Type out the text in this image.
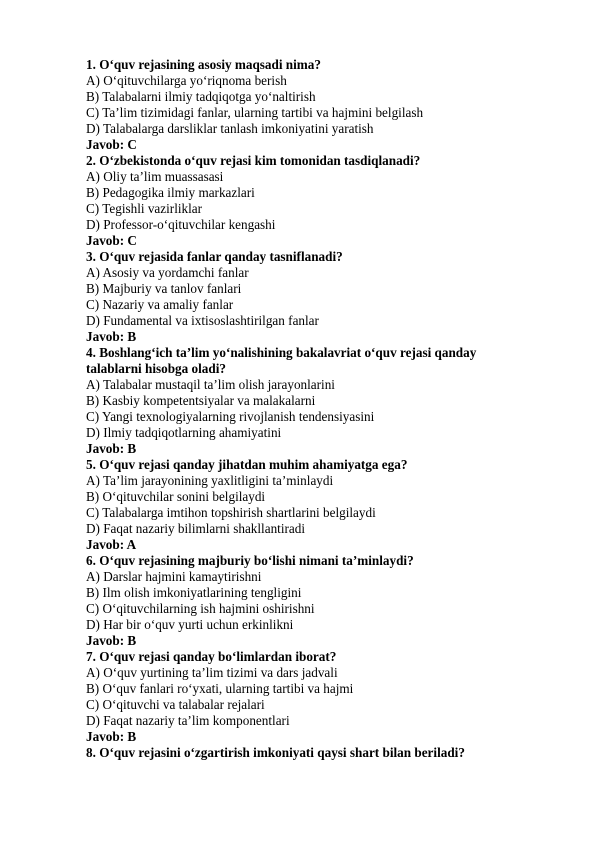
1. O‘quv rejasining asosiy maqsadi nima?
A) O‘qituvchilarga yo‘riqnoma berish
B) Talabalarni ilmiy tadqiqotga yo‘naltirish
C) Ta’lim tizimidagi fanlar, ularning tartibi va hajmini belgilash
D) Talabalarga darsliklar tanlash imkoniyatini yaratish
Javob: C
2. O‘zbekistonda o‘quv rejasi kim tomonidan tasdiqlanadi?
A) Oliy ta’lim muassasasi
B) Pedagogika ilmiy markazlari
C) Tegishli vazirliklar
D) Professor-o‘qituvchilar kengashi
Javob: C
3. O‘quv rejasida fanlar qanday tasniflanadi?
A) Asosiy va yordamchi fanlar
B) Majburiy va tanlov fanlari
C) Nazariy va amaliy fanlar
D) Fundamental va ixtisoslashtirilgan fanlar
Javob: B
4. Boshlang‘ich ta’lim yo‘nalishining bakalavriat o‘quv rejasi qanday talablarni hisobga oladi?
A) Talabalar mustaqil ta’lim olish jarayonlarini
B) Kasbiy kompetentsiyalar va malakalarni
C) Yangi texnologiyalarning rivojlanish tendensiyasini
D) Ilmiy tadqiqotlarning ahamiyatini
Javob: B
5. O‘quv rejasi qanday jihatdan muhim ahamiyatga ega?
A) Ta’lim jarayonining yaxlitligini ta’minlaydi
B) O‘qituvchilar sonini belgilaydi
C) Talabalarga imtihon topshirish shartlarini belgilaydi
D) Faqat nazariy bilimlarni shakllantiradi
Javob: A
6. O‘quv rejasining majburiy bo‘lishi nimani ta’minlaydi?
A) Darslar hajmini kamaytirishni
B) Ilm olish imkoniyatlarining tengligini
C) O‘qituvchilarning ish hajmini oshirishni
D) Har bir o‘quv yurti uchun erkinlikni
Javob: B
7. O‘quv rejasi qanday bo‘limlardan iborat?
A) O‘quv yurtining ta’lim tizimi va dars jadvali
B) O‘quv fanlari ro‘yxati, ularning tartibi va hajmi
C) O‘qituvchi va talabalar rejalari
D) Faqat nazariy ta’lim komponentlari
Javob: B
8. O‘quv rejasini o‘zgartirish imkoniyati qaysi shart bilan beriladi?
